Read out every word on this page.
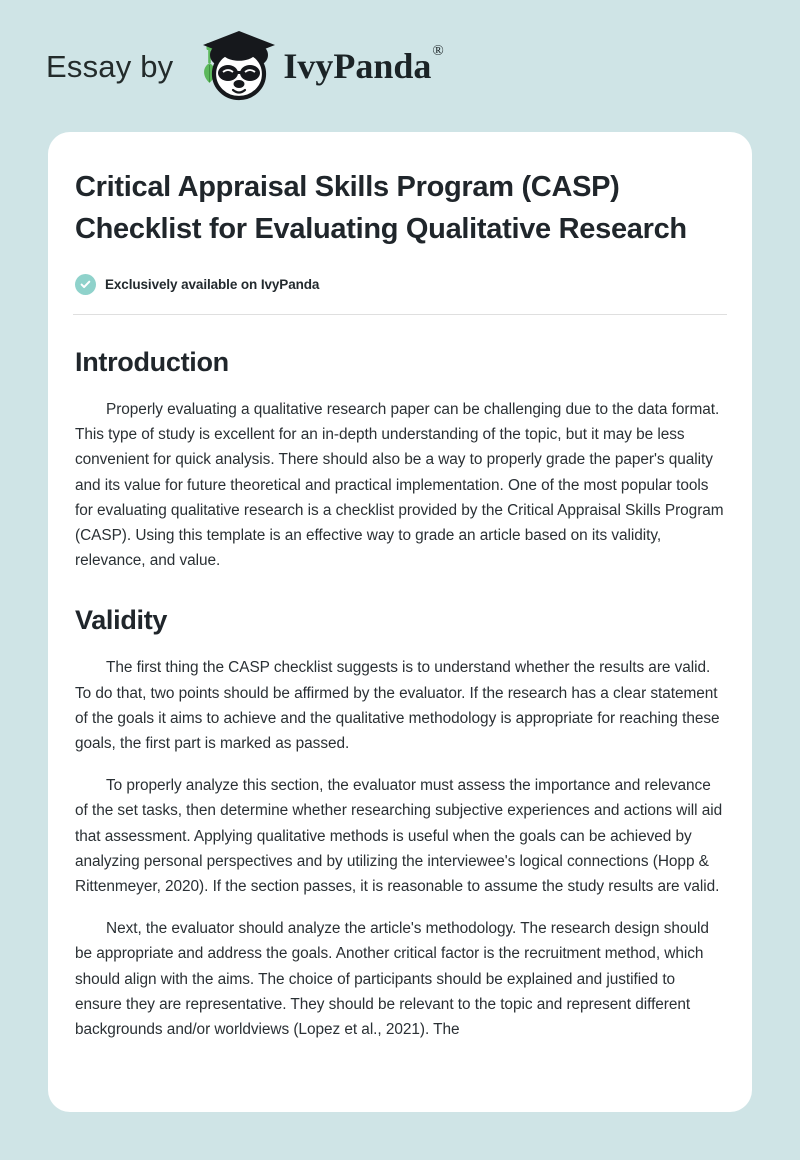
Essay by	IvyPanda®
Critical Appraisal Skills Program (CASP) Checklist for Evaluating Qualitative Research
Exclusively available on IvyPanda
Introduction

Properly evaluating a qualitative research paper can be challenging due to the data format. This type of study is excellent for an in-depth understanding of the topic, but it may be less convenient for quick analysis. There should also be a way to properly grade the paper's quality and its value for future theoretical and practical implementation. One of the most popular tools for evaluating qualitative research is a checklist provided by the Critical Appraisal Skills Program (CASP). Using this template is an effective way to grade an article based on its validity, relevance, and value.

Validity

The first thing the CASP checklist suggests is to understand whether the results are valid. To do that, two points should be affirmed by the evaluator. If the research has a clear statement of the goals it aims to achieve and the qualitative methodology is appropriate for reaching these goals, the first part is marked as passed.

To properly analyze this section, the evaluator must assess the importance and relevance of the set tasks, then determine whether researching subjective experiences and actions will aid that assessment. Applying qualitative methods is useful when the goals can be achieved by analyzing personal perspectives and by utilizing the interviewee's logical connections (Hopp & Rittenmeyer, 2020). If the section passes, it is reasonable to assume the study results are valid.

Next, the evaluator should analyze the article's methodology. The research design should be appropriate and address the goals. Another critical factor is the recruitment method, which should align with the aims. The choice of participants should be explained and justified to ensure they are representative. They should be relevant to the topic and represent different backgrounds and/or worldviews (Lopez et al., 2021). The
